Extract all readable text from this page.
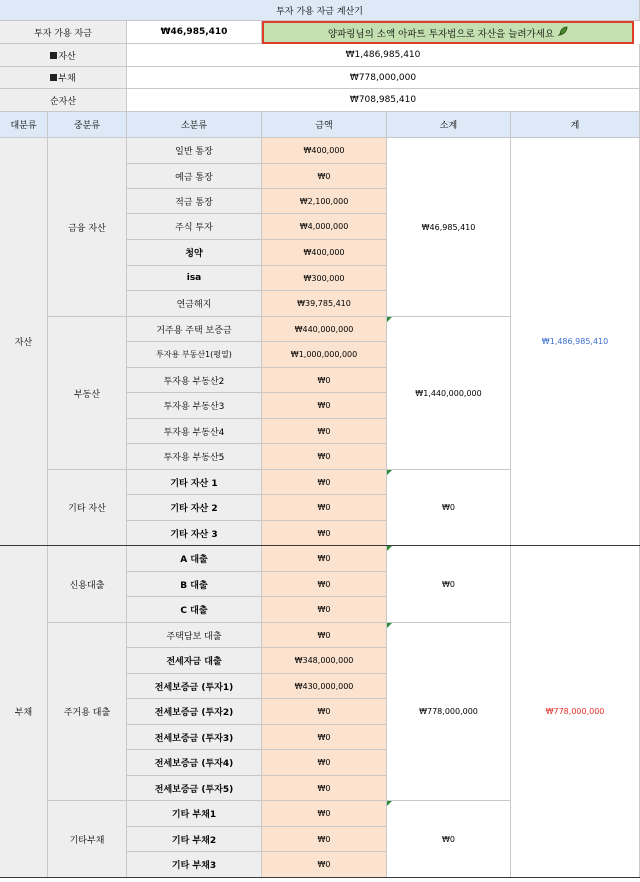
투자 가용 자금 계산기
투자 가용 자금	₩46,985,410	양파링님의 소액 아파트 투자법으로 자산을 늘려가세요
자산	₩1,486,985,410
부채	₩778,000,000
순자산	₩708,985,410
대분류	중분류	소분류	금액	소계	계
자산
금융 자산
일반 통장	₩400,000
예금 통장	₩0
적금 통장	₩2,100,000
주식 투자	₩4,000,000
청약	₩400,000
isa	₩300,000
연금해지	₩39,785,410
₩46,985,410
부동산
거주용 주택 보증금	₩440,000,000
투자용 부동산1(평열)	₩1,000,000,000
투자용 부동산2	₩0
투자용 부동산3	₩0
투자용 부동산4	₩0
투자용 부동산5	₩0
₩1,440,000,000
기타 자산
기타 자산 1	₩0
기타 자산 2	₩0
기타 자산 3	₩0
₩0
₩1,486,985,410
부채
신용대출
A 대출	₩0
B 대출	₩0
C 대출	₩0
₩0
주거용 대출
주택담보 대출	₩0
전세자금 대출	₩348,000,000
전세보증금 (투자1)	₩430,000,000
전세보증금 (투자2)	₩0
전세보증금 (투자3)	₩0
전세보증금 (투자4)	₩0
전세보증금 (투자5)	₩0
₩778,000,000
기타부채
기타 부채1	₩0
기타 부채2	₩0
기타 부채3	₩0
₩0
₩778,000,000
